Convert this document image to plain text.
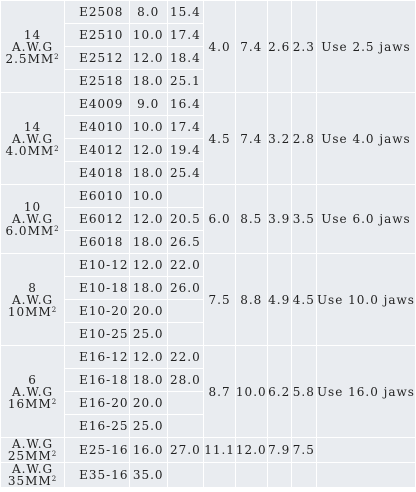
14
A.W.G
$2.5MM^2$	E2508	8.0	15.4	4.0	7.4	2.6	2.3	Use 2.5 jaws
	E2510	10.0	17.4					
	E2512	12.0	18.4					
	E2518	18.0	25.1					

14
A.W.G
$4.0MM^2$	E4009	9.0	16.4	4.5	7.4	3.2	2.8	Use 4.0 jaws
	E4010	10.0	17.4					
	E4012	12.0	19.4					
	E4018	18.0	25.4					

10
A.W.G
$6.0MM^2$	E6010	10.0		6.0	8.5	3.9	3.5	Use 6.0 jaws
	E6012	12.0	20.5					
	E6018	18.0	26.5					

8
A.W.G
$10MM^2$	E10-12	12.0	22.0	7.5	8.8	4.9	4.5	Use 10.0 jaws
	E10-18	18.0	26.0					
	E10-20	20.0						
	E10-25	25.0						

6
A.W.G
$16MM^2$	E16-12	12.0	22.0	8.7	10.0	6.2	5.8	Use 16.0 jaws
	E16-18	18.0	28.0					
	E16-20	20.0						
	E16-25	25.0						

A.W.G
$25MM^2$	E25-16	16.0	27.0	11.1	12.0	7.9	7.5	

A.W.G
$35MM^2$	E35-16	35.0						
